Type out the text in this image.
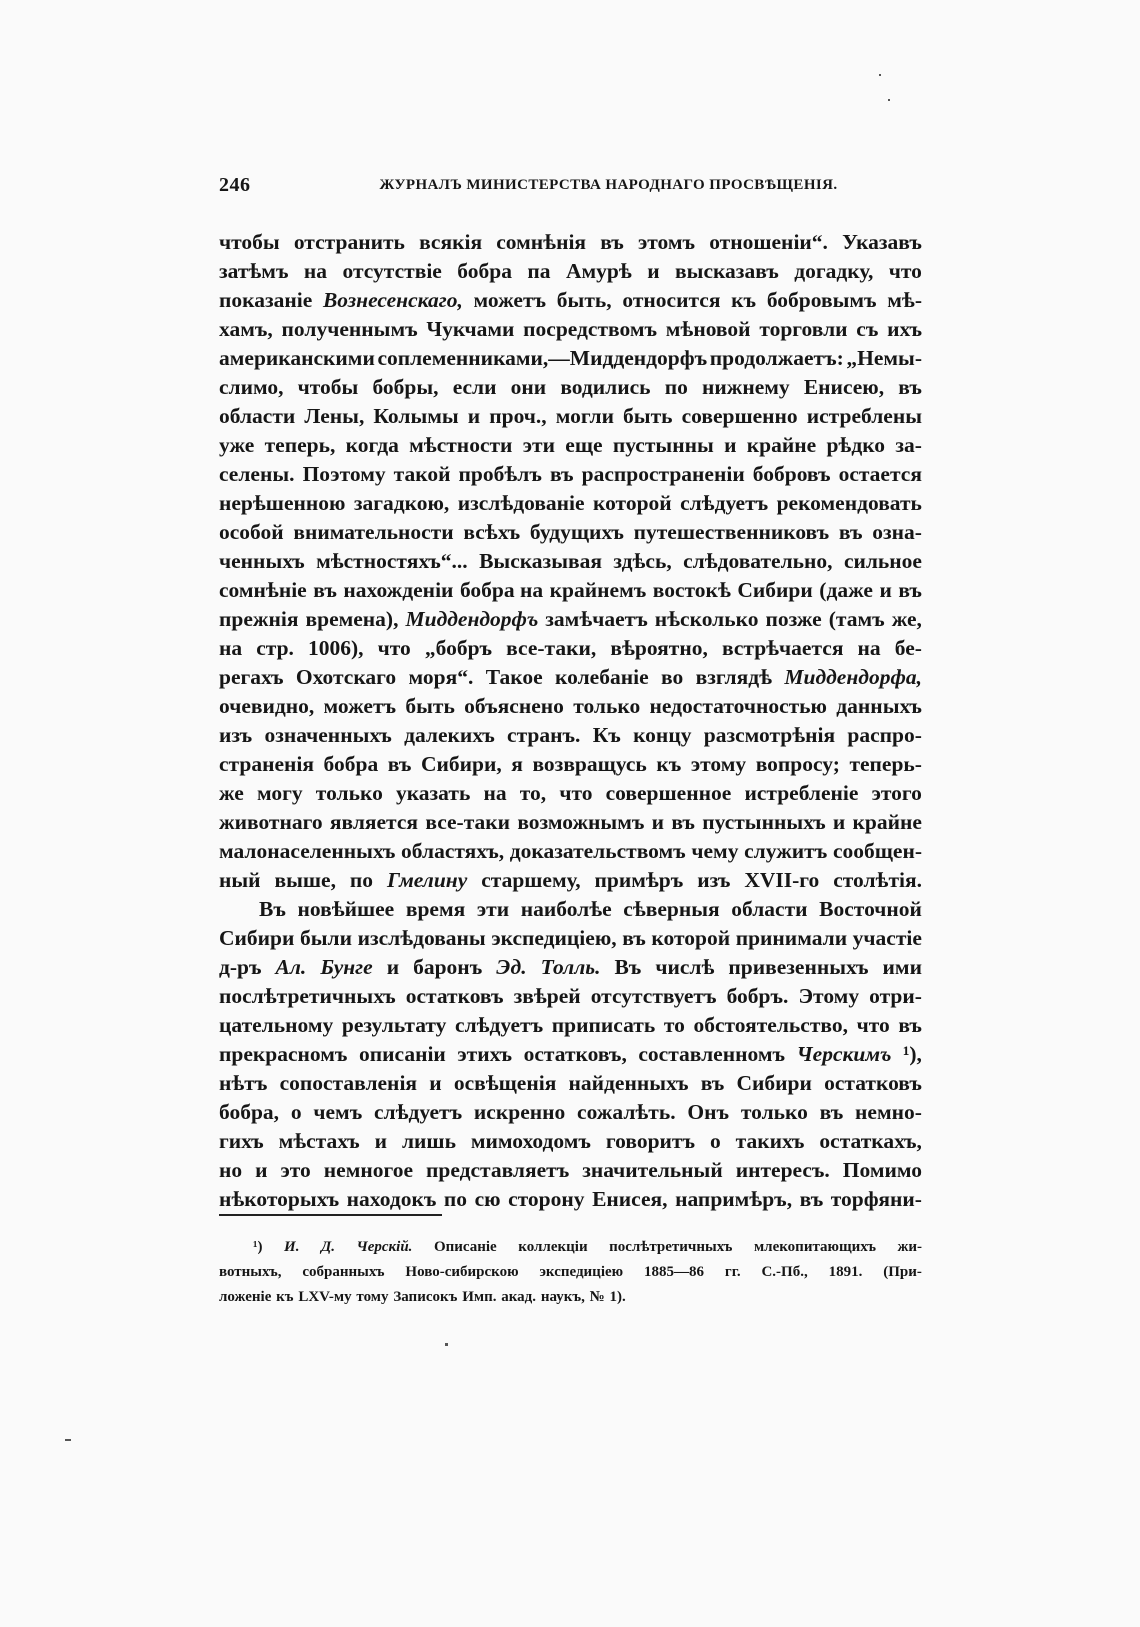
246	ЖУРНАЛЪ МИНИСТЕРСТВА НАРОДНАГО ПРОСВѢЩЕНІЯ.
чтобы отстранить всякія сомнѣнія въ этомъ отношеніи“. Указавъ
затѣмъ на отсутствіе бобра па Амурѣ и высказавъ догадку, что
показаніе Вознесенскаго, можетъ быть, относится къ бобровымъ мѣ-
хамъ, полученнымъ Чукчами посредствомъ мѣновой торговли съ ихъ
американскими соплеменниками,—Миддендорфъ продолжаетъ: „Немы-
слимо, чтобы бобры, если они водились по нижнему Енисею, въ
области Лены, Колымы и проч., могли быть совершенно истреблены
уже теперь, когда мѣстности эти еще пустынны и крайне рѣдко за-
селены. Поэтому такой пробѣлъ въ распространеніи бобровъ остается
нерѣшенною загадкою, изслѣдованіе которой слѣдуетъ рекомендовать
особой внимательности всѣхъ будущихъ путешественниковъ въ озна-
ченныхъ мѣстностяхъ“... Высказывая здѣсь, слѣдовательно, сильное
сомнѣніе въ нахожденіи бобра на крайнемъ востокѣ Сибири (даже и въ
прежнія времена), Миддендорфъ замѣчаетъ нѣсколько позже (тамъ же,
на стр. 1006), что „бобръ все-таки, вѣроятно, встрѣчается на бе-
регахъ Охотскаго моря“. Такое колебаніе во взглядѣ Миддендорфа,
очевидно, можетъ быть объяснено только недостаточностью данныхъ
изъ означенныхъ далекихъ странъ. Къ концу разсмотрѣнія распро-
страненія бобра въ Сибири, я возвращусь къ этому вопросу; теперь-
же могу только указать на то, что совершенное истребленіе этого
животнаго является все-таки возможнымъ и въ пустынныхъ и крайне
малонаселенныхъ областяхъ, доказательствомъ чему служитъ сообщен-
ный выше, по Гмелину старшему, примѣръ изъ XVII-го столѣтія.
Въ новѣйшее время эти наиболѣе сѣверныя области Восточной
Сибири были изслѣдованы экспедиціею, въ которой принимали участіе
д-ръ Ал. Бунге и баронъ Эд. Толль. Въ числѣ привезенныхъ ими
послѣтретичныхъ остатковъ звѣрей отсутствуетъ бобръ. Этому отри-
цательному результату слѣдуетъ приписать то обстоятельство, что въ
прекрасномъ описаніи этихъ остатковъ, составленномъ Черскимъ ¹),
нѣтъ сопоставленія и освѣщенія найденныхъ въ Сибири остатковъ
бобра, о чемъ слѣдуетъ искренно сожалѣть. Онъ только въ немно-
гихъ мѣстахъ и лишь мимоходомъ говоритъ о такихъ остаткахъ,
но и это немногое представляетъ значительный интересъ. Помимо
нѣкоторыхъ находокъ по сю сторону Енисея, напримѣръ, въ торфяни-
¹) И. Д. Черскій. Описаніе коллекціи послѣтретичныхъ млекопитающихъ жи-
вотныхъ, собранныхъ Ново-сибирскою экспедиціею 1885—86 гг. С.-Пб., 1891. (При-
ложеніе къ LXV-му тому Записокъ Имп. акад. наукъ, № 1).
